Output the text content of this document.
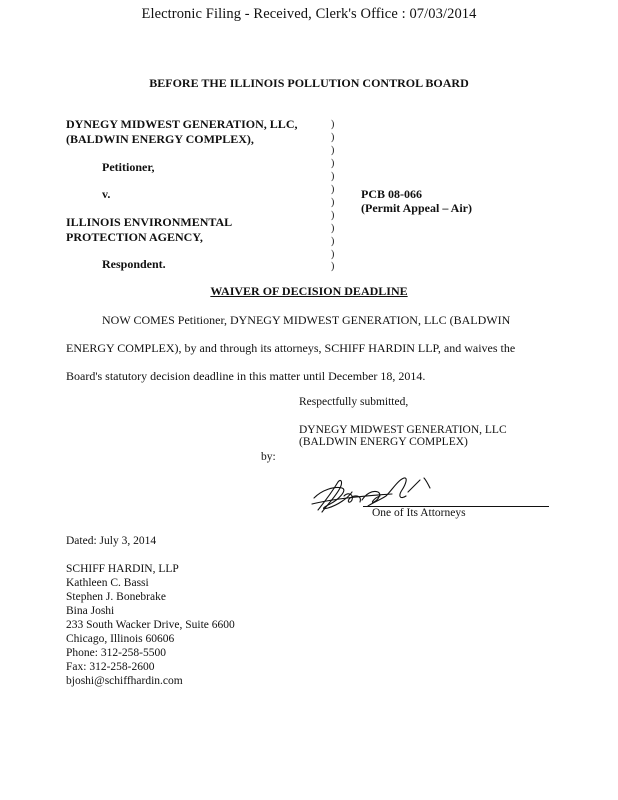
Electronic Filing - Received, Clerk's Office : 07/03/2014
BEFORE THE ILLINOIS POLLUTION CONTROL BOARD
DYNEGY MIDWEST GENERATION, LLC,
(BALDWIN ENERGY COMPLEX),
Petitioner,
v.
ILLINOIS ENVIRONMENTAL
PROTECTION AGENCY,
Respondent.
)
)
)
)
)
)
)
)
)
)
)
)
PCB 08-066
(Permit Appeal – Air)
WAIVER OF DECISION DEADLINE
NOW COMES Petitioner, DYNEGY MIDWEST GENERATION, LLC (BALDWIN
ENERGY COMPLEX), by and through its attorneys, SCHIFF HARDIN LLP, and waives the
Board's statutory decision deadline in this matter until December 18, 2014.
Respectfully submitted,
DYNEGY MIDWEST GENERATION, LLC
(BALDWIN ENERGY COMPLEX)
by:
One of Its Attorneys
Dated: July 3, 2014
SCHIFF HARDIN, LLP
Kathleen C. Bassi
Stephen J. Bonebrake
Bina Joshi
233 South Wacker Drive, Suite 6600
Chicago, Illinois 60606
Phone: 312-258-5500
Fax: 312-258-2600
bjoshi@schiffhardin.com
